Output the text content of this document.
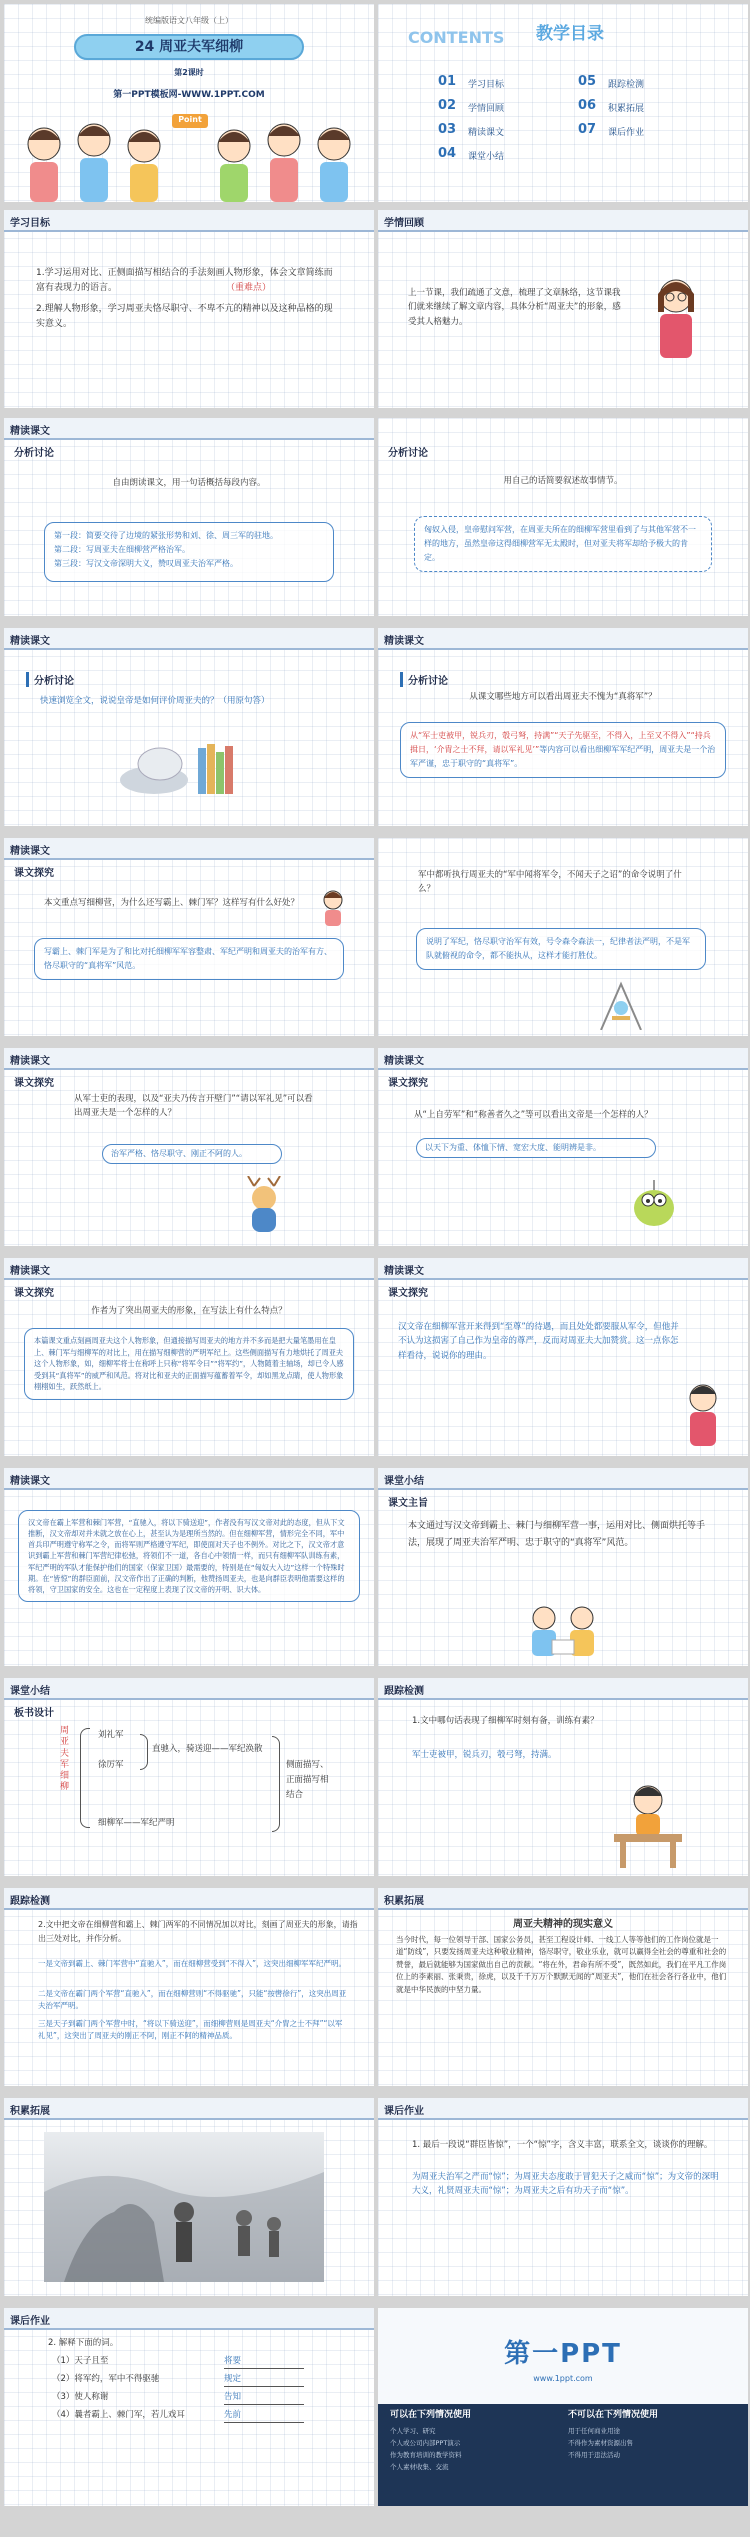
统编版语文八年级（上）
24 周亚夫军细柳
第2课时
第一PPT模板网-WWW.1PPT.COM
Point
CONTENTS 教学目录
01 学习目标
02 学情回顾
03 精读课文
04 课堂小结
05 跟踪检测
06 积累拓展
07 课后作业
学习目标
1.学习运用对比、正侧面描写相结合的手法刻画人物形象，体会文章简练而富有表现力的语言。	（重难点）
2.理解人物形象，学习周亚夫恪尽职守、不卑不亢的精神以及这种品格的现实意义。
学情回顾
上一节课，我们疏通了文意，梳理了文章脉络，这节课我们就来继续了解文章内容，具体分析“周亚夫”的形象，感受其人格魅力。
精读课文
分析讨论
自由朗读课文，用一句话概括每段内容。
第一段：简要交待了边境的紧张形势和刘、徐、周三军的驻地。
第二段：写周亚夫在细柳营严格治军。
第三段：写汉文帝深明大义，赞叹周亚夫治军严格。
分析讨论
用自己的话简要叙述故事情节。
匈奴入侵，皇帝慰问军营，在周亚夫所在的细柳军营里看到了与其他军营不一样的地方，虽然皇帝这得细柳营军无太殿时，但对亚夫将军却给予极大的肯定。
精读课文
分析讨论
快速浏览全文，说说皇帝是如何评价周亚夫的？（用原句答）
精读课文
分析讨论
从课文哪些地方可以看出周亚夫不愧为“真将军”？
从“军士吏被甲，锐兵刃，彀弓弩，持满”“天子先驱至，不得入，上至又不得入”“持兵揖日，‘介胄之士不拜，请以军礼见’”等内容可以看出细柳军军纪严明，周亚夫是一个治军严谨，忠于职守的“真将军”。
精读课文
课文探究
本文重点写细柳营，为什么还写霸上、棘门军？这样写有什么好处？
写霸上、棘门军是为了和比对托细柳军军容整肃、军纪严明和周亚夫的治军有方、恪尽职守的“真将军”风范。
军中都听执行周亚夫的“军中闻将军令，不闻天子之诏”的命令说明了什么？
说明了军纪，恪尽职守治军有效，号令森令森法一，纪律者法严明，不是军队就俯视的命令，都不能执从，这样才能打胜仗。
精读课文
课文探究
从军士吏的表现，以及“亚夫乃传言开壁门”“请以军礼见”可以看出周亚夫是一个怎样的人？
治军严格、恪尽职守、刚正不阿的人。
精读课文
课文探究
从“上自劳军”和“称善者久之”等可以看出文帝是一个怎样的人？
以天下为重、体恤下情、宽宏大度、能明辨是非。
精读课文
课文探究
作者为了突出周亚夫的形象，在写法上有什么特点？
本篇课文重点刻画周亚夫这个人物形象，但通接描写周亚夫的地方并不多而是把大量笔墨用在皇上、棘门军与细柳军的对比上，用在描写细柳营的严明军纪上。这些侧面描写有力地烘托了周亚夫这个人物形象，如，细柳军将士在称呼上只称“将军令曰”“将军约”，人物随着主轴场，却已令人感受到其“真将军”的威严和风范。将对比和亚夫的正面描写蕴蓄着军令，却如黑龙点睛，使人物形象栩栩如生，跃然纸上。
精读课文
课文探究
汉文帝在细柳军营开来得到“至尊”的待遇，而且处处都要服从军令，但他并不认为这损害了自己作为皇帝的尊严，反而对周亚夫大加赞赏。这一点你怎样看待，说说你的理由。
精读课文
汉文帝在霸上军营和棘门军营，“直驰入，将以下骑送迎”，作者没有写汉文帝对此的态度，但从下文推断，汉文帝却对并未就之放在心上，甚至认为是理所当然的。但在细柳军营，情形完全不同，军中首兵印严明遵守称军之令，而将军则严格遵守军纪，即使面对天子也不例外。对比之下，汉文帝才意识到霸上军营和棘门军营纪律松弛，将领们不一道，各自心中领情一样，而只有细柳军队训练有素，军纪严明的军队才能保护他们的国家（保家卫国）最需要的，特别是在“匈奴大入边”这样一个特殊时期。在“皆惊”的群臣面前，汉文帝作出了正确的判断，他赞扬周亚夫，也是向群臣表明他需要这样的将领，守卫国家的安全。这也在一定程度上表现了汉文帝的开明、识大体。
课堂小结
课文主旨
本文通过写汉文帝到霸上、棘门与细柳军营一事，运用对比、侧面烘托等手法，展现了周亚夫治军严明、忠于职守的“真将军”风范。
课堂小结
板书设计
周亚夫军细柳
刘礼军
徐厉军
细柳军——军纪严明
直驰入，骑送迎——军纪涣散
侧面描写、
正面描写相
结合
跟踪检测
1.文中哪句话表现了细柳军时刻有备，训练有素？
军士吏被甲，锐兵刃，彀弓弩，持满。
跟踪检测
2.文中把文帝在细柳营和霸上、棘门两军的不同情况加以对比，刻画了周亚夫的形象，请指出三处对比，并作分析。
一是文帝到霸上、棘门军营中“直驰入”，而在细柳营受到“不得入”，这突出细柳军军纪严明。
二是文帝在霸门两个军营“直驰入”，而在细柳营则“不得驱驰”，只能“按辔徐行”，这突出周亚夫治军严明。
三是天子到霸门两个军营中时，“将以下骑送迎”，而细柳营则是周亚夫“介胄之士不拜”“以军礼见”，这突出了周亚夫的刚正不阿，刚正不阿的精神品质。
积累拓展
周亚夫精神的现实意义
当今时代，每一位领导干部、国家公务员，甚至工程设计师、一线工人等等他们的工作岗位就是一道“防线”，只要发扬周亚夫这种敬业精神，恪尽职守，敬业乐业，就可以赢得全社会的尊重和社会的赞誉，最后就能够为国家做出自己的贡献。“将在外，君命有所不受”，既然如此，我们在平凡工作岗位上的李素丽、张秉贵，徐虎，以及千千万万个默默无闻的“周亚夫”，他们在社会各行各业中，他们就是中华民族的中坚力量。
积累拓展	课后作业
1. 最后一段说“群臣皆惊”，一个“惊”字，含义丰富，联系全文，谈谈你的理解。
为周亚夫治军之严而“惊”；为周亚夫态度敢于冒犯天子之威而“惊”；为文帝的深明大义，礼贤周亚夫而“惊”；为周亚夫之后有功天子而“惊”。
课后作业
2. 解释下面的词。
（1）天子且至	将要
（2）将军约，军中不得驱驰	规定
（3）使人称谢	告知
（4）曩者霸上、棘门军，若儿戏耳	先前
第一PPT
www.1ppt.com
可以在下列情况使用
个人学习、研究
个人或公司内部PPT演示
作为教育培训的教学资料
个人素材收集、交流
不可以在下列情况使用
用于任何商业用途
不得作为素材资源出售
不得用于违法活动
